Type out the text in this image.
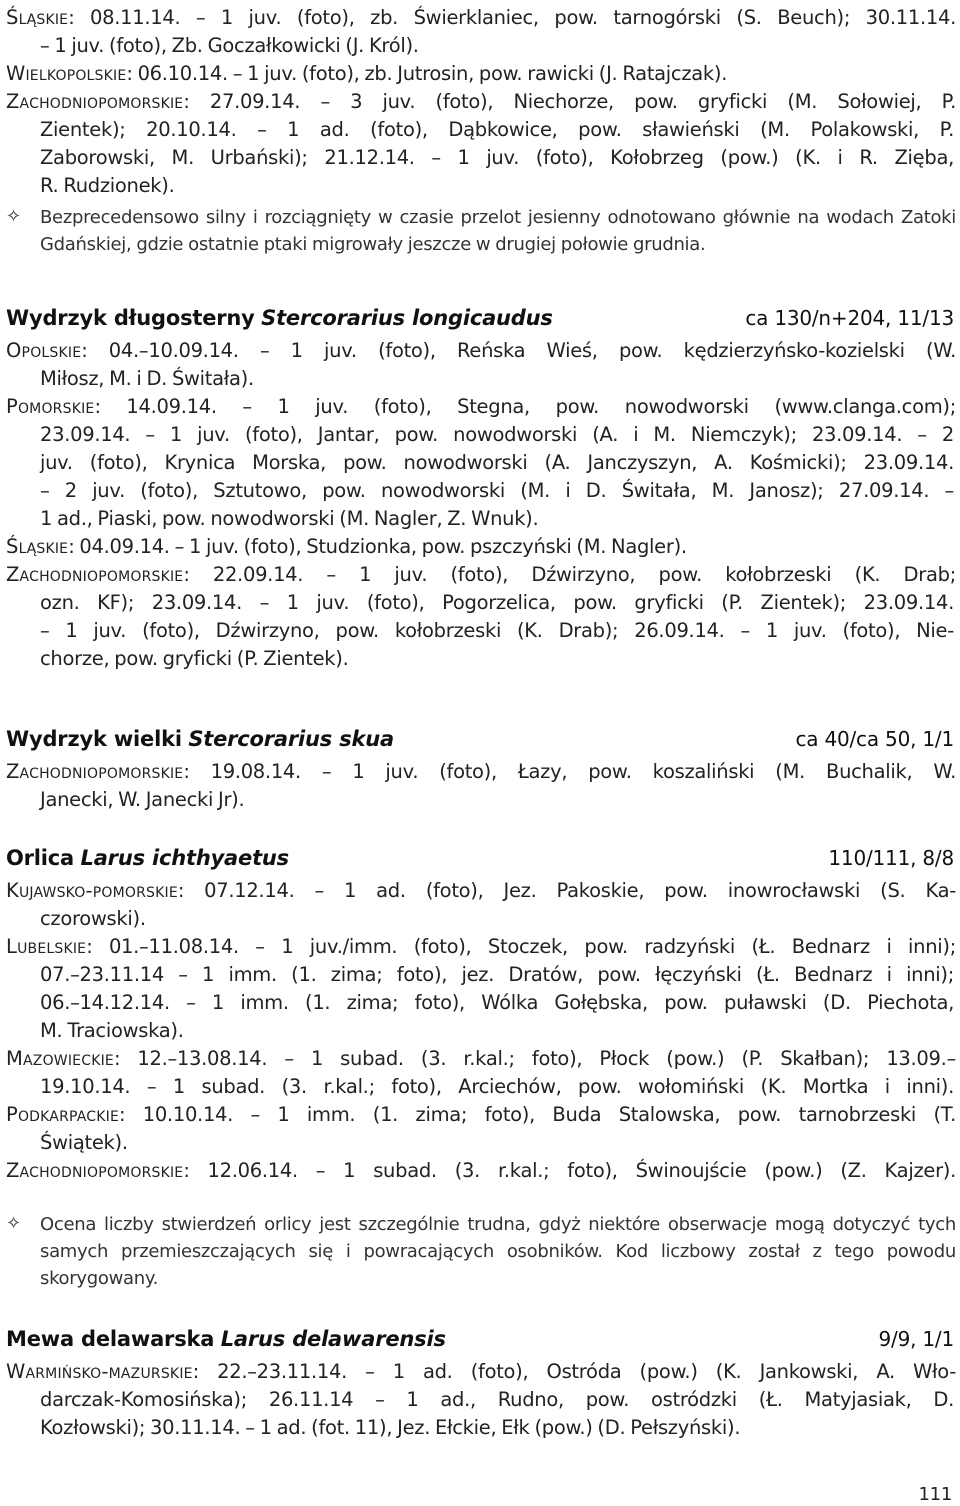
Śląskie: 08.11.14. – 1 juv. (foto), zb. Świerklaniec, pow. tarnogórski (S. Beuch); 30.11.14.
– 1 juv. (foto), Zb. Goczałkowicki (J. Król).
Wielkopolskie: 06.10.14. – 1 juv. (foto), zb. Jutrosin, pow. rawicki (J. Ratajczak).
Zachodniopomorskie: 27.09.14. – 3 juv. (foto), Niechorze, pow. gryficki (M. Sołowiej, P.
Zientek); 20.10.14. – 1 ad. (foto), Dąbkowice, pow. sławieński (M. Polakowski, P.
Zaborowski, M. Urbański); 21.12.14. – 1 juv. (foto), Kołobrzeg (pow.) (K. i R. Zięba,
R. Rudzionek).
✧ Bezprecedensowo silny i rozciągnięty w czasie przelot jesienny odnotowano głównie na wodach Zatoki Gdańskiej, gdzie ostatnie ptaki migrowały jeszcze w drugiej połowie grudnia.
Wydrzyk długosterny Stercorarius longicaudus	ca 130/n+204, 11/13
Opolskie: 04.–10.09.14. – 1 juv. (foto), Reńska Wieś, pow. kędzierzyńsko-kozielski (W.
Miłosz, M. i D. Świtała).
Pomorskie: 14.09.14. – 1 juv. (foto), Stegna, pow. nowodworski (www.clanga.com);
23.09.14. – 1 juv. (foto), Jantar, pow. nowodworski (A. i M. Niemczyk); 23.09.14. – 2
juv. (foto), Krynica Morska, pow. nowodworski (A. Janczyszyn, A. Kośmicki); 23.09.14.
– 2 juv. (foto), Sztutowo, pow. nowodworski (M. i D. Świtała, M. Janosz); 27.09.14. –
1 ad., Piaski, pow. nowodworski (M. Nagler, Z. Wnuk).
Śląskie: 04.09.14. – 1 juv. (foto), Studzionka, pow. pszczyński (M. Nagler).
Zachodniopomorskie: 22.09.14. – 1 juv. (foto), Dźwirzyno, pow. kołobrzeski (K. Drab;
ozn. KF); 23.09.14. – 1 juv. (foto), Pogorzelica, pow. gryficki (P. Zientek); 23.09.14.
– 1 juv. (foto), Dźwirzyno, pow. kołobrzeski (K. Drab); 26.09.14. – 1 juv. (foto), Nie-
chorze, pow. gryficki (P. Zientek).
Wydrzyk wielki Stercorarius skua	ca 40/ca 50, 1/1
Zachodniopomorskie: 19.08.14. – 1 juv. (foto), Łazy, pow. koszaliński (M. Buchalik, W.
Janecki, W. Janecki Jr).
Orlica Larus ichthyaetus	110/111, 8/8
Kujawsko-pomorskie: 07.12.14. – 1 ad. (foto), Jez. Pakoskie, pow. inowrocławski (S. Ka-
czorowski).
Lubelskie: 01.–11.08.14. – 1 juv./imm. (foto), Stoczek, pow. radzyński (Ł. Bednarz i inni);
07.–23.11.14 – 1 imm. (1. zima; foto), jez. Dratów, pow. łęczyński (Ł. Bednarz i inni);
06.–14.12.14. – 1 imm. (1. zima; foto), Wólka Gołębska, pow. puławski (D. Piechota,
M. Traciowska).
Mazowieckie: 12.–13.08.14. – 1 subad. (3. r.kal.; foto), Płock (pow.) (P. Skałban); 13.09.–
19.10.14. – 1 subad. (3. r.kal.; foto), Arciechów, pow. wołomiński (K. Mortka i inni).
Podkarpackie: 10.10.14. – 1 imm. (1. zima; foto), Buda Stalowska, pow. tarnobrzeski (T.
Świątek).
Zachodniopomorskie: 12.06.14. – 1 subad. (3. r.kal.; foto), Świnoujście (pow.) (Z. Kajzer).
✧ Ocena liczby stwierdzeń orlicy jest szczególnie trudna, gdyż niektóre obserwacje mogą dotyczyć tych samych przemieszczających się i powracających osobników. Kod liczbowy został z tego powodu skorygowany.
Mewa delawarska Larus delawarensis	9/9, 1/1
Warmińsko-mazurskie: 22.–23.11.14. – 1 ad. (foto), Ostróda (pow.) (K. Jankowski, A. Wło-
darczak-Komosińska); 26.11.14 – 1 ad., Rudno, pow. ostródzki (Ł. Matyjasiak, D.
Kozłowski); 30.11.14. – 1 ad. (fot. 11), Jez. Ełckie, Ełk (pow.) (D. Pełszyński).
111
